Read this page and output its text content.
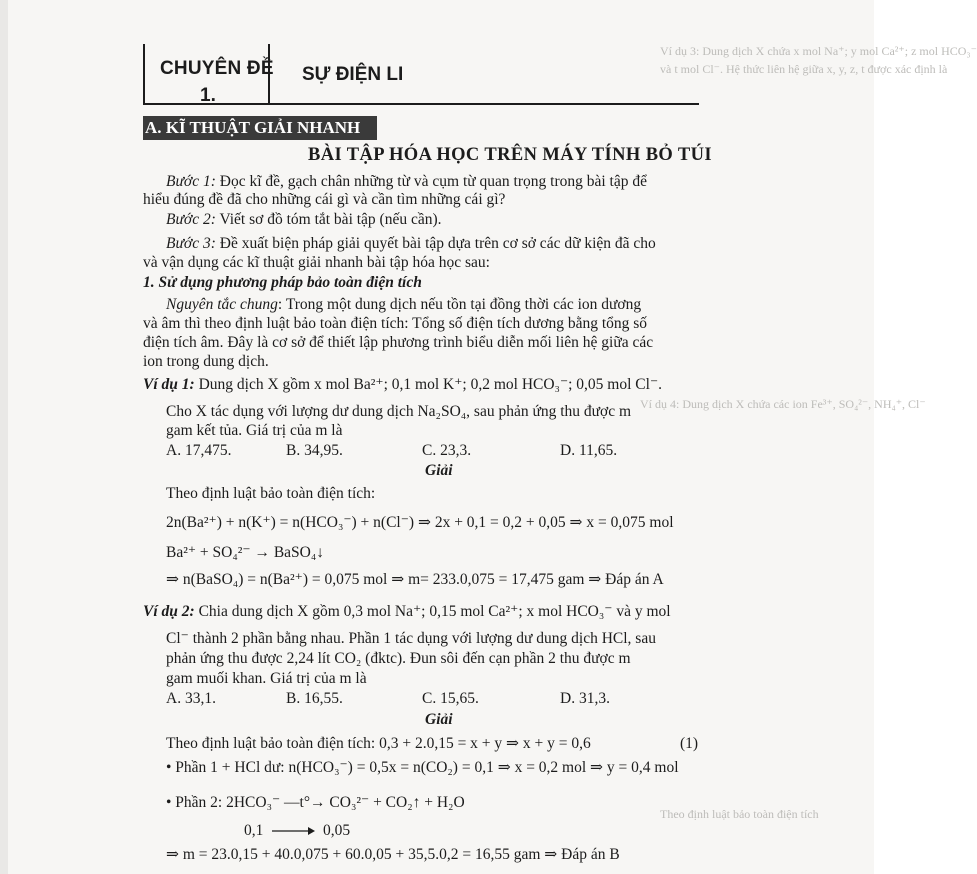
Ví dụ 3: Dung dịch X chứa x mol Na⁺; y mol Ca²⁺; z mol HCO₃⁻
và t mol Cl⁻. Hệ thức liên hệ giữa x, y, z, t được xác định là
Ví dụ 4: Dung dịch X chứa các ion Fe³⁺, SO₄²⁻, NH₄⁺, Cl⁻
Theo định luật bảo toàn điện tích
CHUYÊN ĐỀ
1.
SỰ ĐIỆN LI
A. KĨ THUẬT GIẢI NHANH
BÀI TẬP HÓA HỌC TRÊN MÁY TÍNH BỎ TÚI
Bước 1: Đọc kĩ đề, gạch chân những từ và cụm từ quan trọng trong bài tập để
hiểu đúng đề đã cho những cái gì và cần tìm những cái gì?
Bước 2: Viết sơ đồ tóm tắt bài tập (nếu cần).
Bước 3: Đề xuất biện pháp giải quyết bài tập dựa trên cơ sở các dữ kiện đã cho
và vận dụng các kĩ thuật giải nhanh bài tập hóa học sau:
1. Sử dụng phương pháp bảo toàn điện tích
Nguyên tắc chung: Trong một dung dịch nếu tồn tại đồng thời các ion dương
và âm thì theo định luật bảo toàn điện tích: Tổng số điện tích dương bằng tổng số
điện tích âm. Đây là cơ sở để thiết lập phương trình biểu diễn mối liên hệ giữa các
ion trong dung dịch.
Ví dụ 1: Dung dịch X gồm x mol Ba²⁺; 0,1 mol K⁺; 0,2 mol HCO₃⁻; 0,05 mol Cl⁻.
Cho X tác dụng với lượng dư dung dịch Na₂SO₄, sau phản ứng thu được m
gam kết tủa. Giá trị của m là
A. 17,475.	B. 34,95.	C. 23,3.	D. 11,65.
Giải
Theo định luật bảo toàn điện tích:
2n(Ba²⁺) + n(K⁺) = n(HCO₃⁻) + n(Cl⁻) ⇒ 2x + 0,1 = 0,2 + 0,05 ⇒ x = 0,075 mol
Ba²⁺ + SO₄²⁻ → BaSO₄↓
⇒ n(BaSO₄) = n(Ba²⁺) = 0,075 mol ⇒ m= 233.0,075 = 17,475 gam ⇒ Đáp án A
Ví dụ 2: Chia dung dịch X gồm 0,3 mol Na⁺; 0,15 mol Ca²⁺; x mol HCO₃⁻ và y mol
Cl⁻ thành 2 phần bằng nhau. Phần 1 tác dụng với lượng dư dung dịch HCl, sau
phản ứng thu được 2,24 lít CO₂ (đktc). Đun sôi đến cạn phần 2 thu được m
gam muối khan. Giá trị của m là
A. 33,1.	B. 16,55.	C. 15,65.	D. 31,3.
Giải
Theo định luật bảo toàn điện tích: 0,3 + 2.0,15 = x + y ⇒ x + y = 0,6	(1)
• Phần 1 + HCl dư: n(HCO₃⁻) = 0,5x = n(CO₂) = 0,1 ⇒ x = 0,2 mol ⇒ y = 0,4 mol
• Phần 2: 2HCO₃⁻ —t°→ CO₃²⁻ + CO₂↑ + H₂O
0,1 → 0,05
⇒ m = 23.0,15 + 40.0,075 + 60.0,05 + 35,5.0,2 = 16,55 gam ⇒ Đáp án B
